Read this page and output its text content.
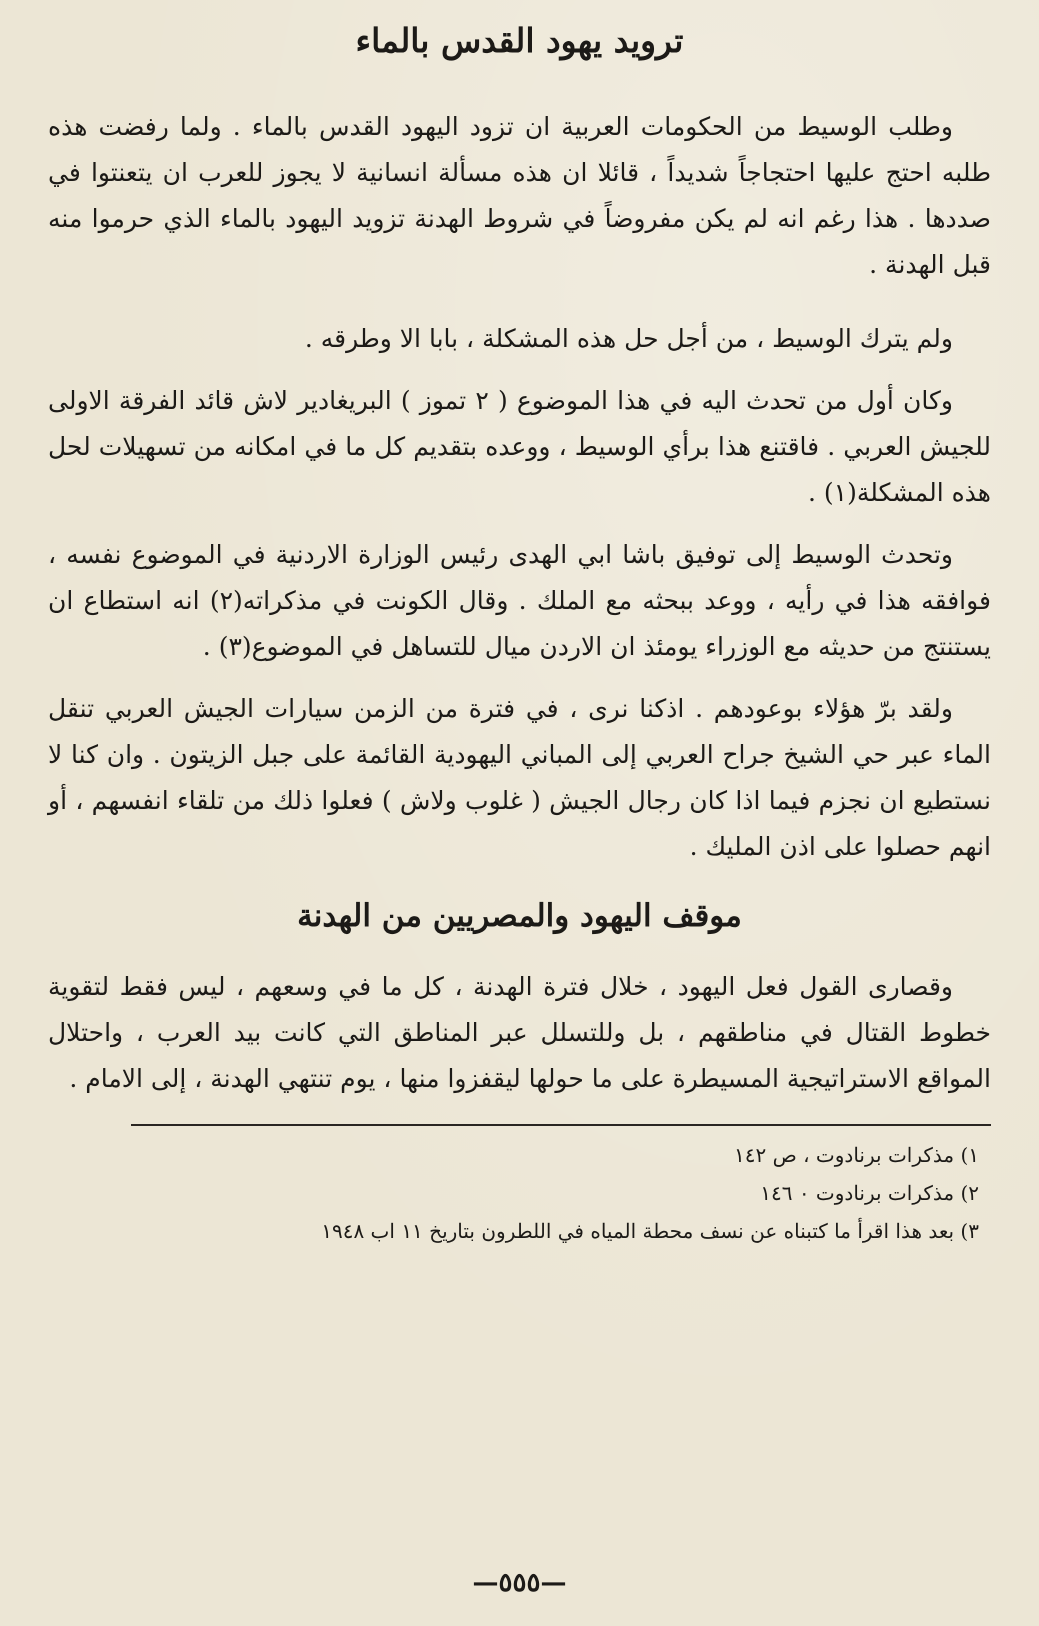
ترويد يهود القدس بالماء

وطلب الوسيط من الحكومات العربية ان تزود اليهود القدس بالماء . ولما رفضت هذه طلبه احتج عليها احتجاجاً شديداً ، قائلا ان هذه مسألة انسانية لا يجوز للعرب ان يتعنتوا في صددها . هذا رغم انه لم يكن مفروضاً في شروط الهدنة تزويد اليهود بالماء الذي حرموا منه قبل الهدنة .

ولم يترك الوسيط ، من أجل حل هذه المشكلة ، بابا الا وطرقه .

وكان أول من تحدث اليه في هذا الموضوع ( ٢ تموز ) البريغادير لاش قائد الفرقة الاولى للجيش العربي . فاقتنع هذا برأي الوسيط ، ووعده بتقديم كل ما في امكانه من تسهيلات لحل هذه المشكلة(١) .

وتحدث الوسيط إلى توفيق باشا ابي الهدى رئيس الوزارة الاردنية في الموضوع نفسه ، فوافقه هذا في رأيه ، ووعد ببحثه مع الملك . وقال الكونت في مذكراته(٢) انه استطاع ان يستنتج من حديثه مع الوزراء يومئذ ان الاردن ميال للتساهل في الموضوع(٣) .

ولقد برّ هؤلاء بوعودهم . اذكنا نرى ، في فترة من الزمن سيارات الجيش العربي تنقل الماء عبر حي الشيخ جراح العربي إلى المباني اليهودية القائمة على جبل الزيتون . وان كنا لا نستطيع ان نجزم فيما اذا كان رجال الجيش ( غلوب ولاش ) فعلوا ذلك من تلقاء انفسهم ، أو انهم حصلوا على اذن المليك .

موقف اليهود والمصريين من الهدنة

وقصارى القول فعل اليهود ، خلال فترة الهدنة ، كل ما في وسعهم ، ليس فقط لتقوية خطوط القتال في مناطقهم ، بل وللتسلل عبر المناطق التي كانت بيد العرب ، واحتلال المواقع الاستراتيجية المسيطرة على ما حولها ليقفزوا منها ، يوم تنتهي الهدنة ، إلى الامام .

١) مذكرات برنادوت ، ص ١٤٢
٢) مذكرات برنادوت ٠ ١٤٦
٣) بعد هذا اقرأ ما كتبناه عن نسف محطة المياه في اللطرون بتاريخ ١١ اب ١٩٤٨
—٥٥٥—
